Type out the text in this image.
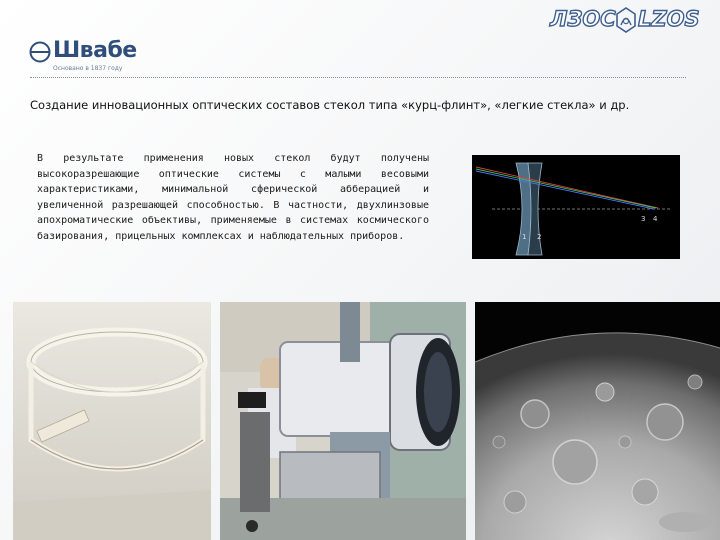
Швабе
Основано в 1837 году
ЛЗОС LZOS
Создание инновационных оптических составов стекол типа «курц-флинт», «легкие стекла» и др.
В результате применения новых стекол будут получены высокоразрешающие оптические системы с малыми весовыми характеристиками, минимальной сферической абберацией и увеличенной разрешающей способностью. В частности, двухлинзовые апохроматические объективы, применяемые в системах космического базирования, прицельных комплексах и наблюдательных приборов.	1 2
3 4
